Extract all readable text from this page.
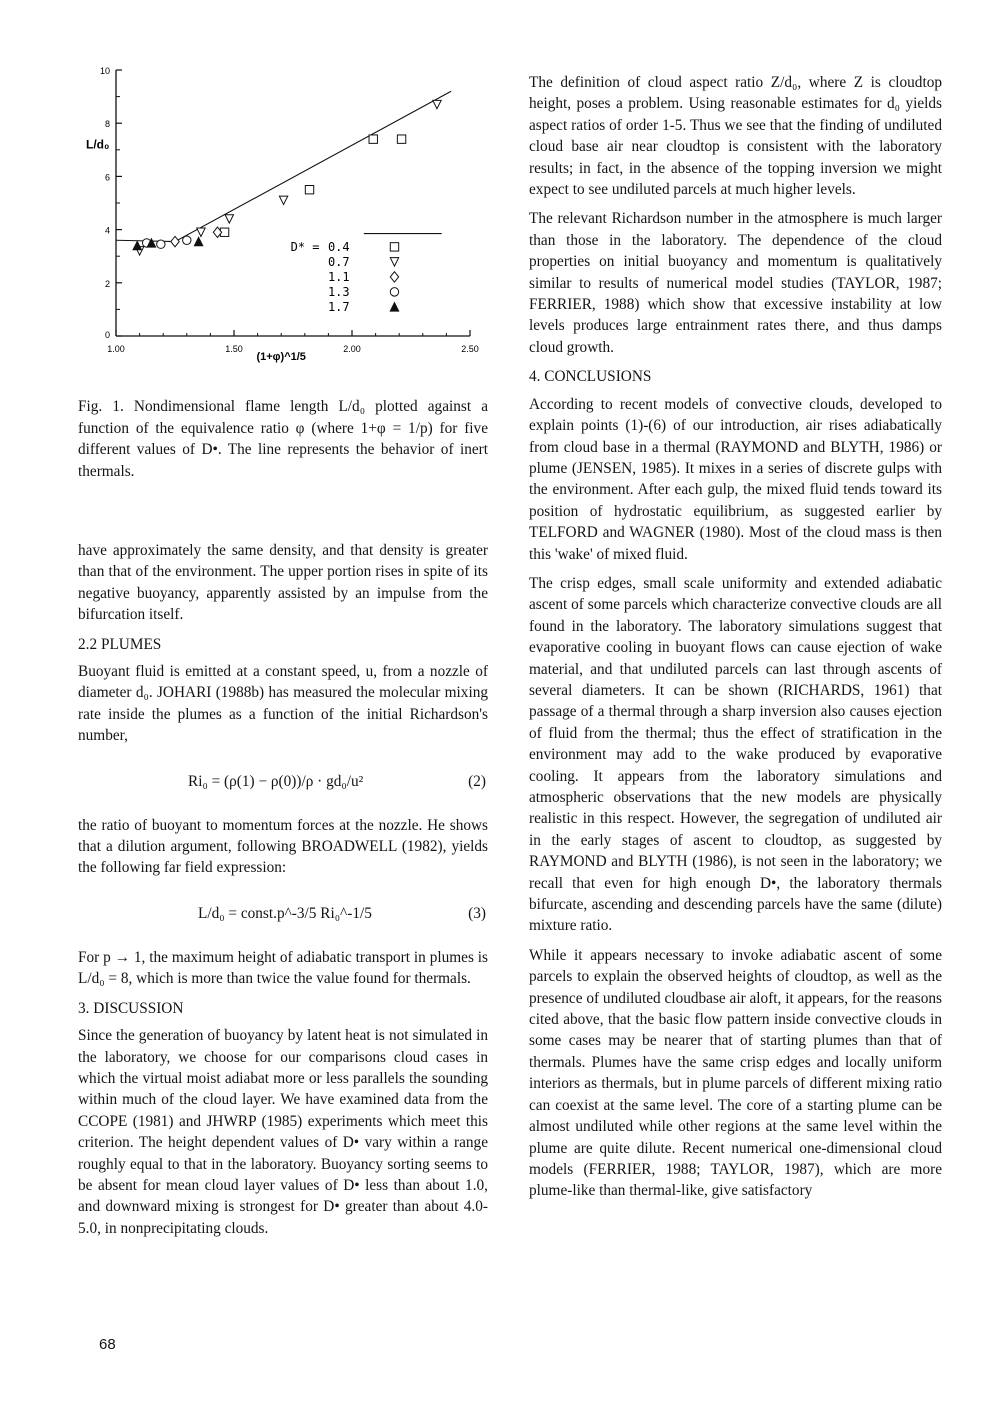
0
2
4
6
8
10
1.00	1.50	2.00	2.50
L/d₀
(1+φ)^1/5
D* = 0.4
0.7
1.1
1.3
1.7
Fig. 1. Nondimensional flame length L/d₀ plotted against a function of the equivalence ratio φ (where 1+φ = 1/p) for five different values of D•. The line represents the behavior of inert thermals.

have approximately the same density, and that density is greater than that of the environment. The upper portion rises in spite of its negative buoyancy, apparently assisted by an impulse from the bifurcation itself.

2.2 PLUMES

Buoyant fluid is emitted at a constant speed, u, from a nozzle of diameter d₀. JOHARI (1988b) has measured the molecular mixing rate inside the plumes as a function of the initial Richardson's number,

Ri₀ = (ρ(1) − ρ(0))/ρ · gd₀/u²	(2)

the ratio of buoyant to momentum forces at the nozzle. He shows that a dilution argument, following BROADWELL (1982), yields the following far field expression:

L/d₀ = const.p^-3/5 Ri₀^-1/5	(3)

For p → 1, the maximum height of adiabatic transport in plumes is L/d₀ = 8, which is more than twice the value found for thermals.

3. DISCUSSION

Since the generation of buoyancy by latent heat is not simulated in the laboratory, we choose for our comparisons cloud cases in which the virtual moist adiabat more or less parallels the sounding within much of the cloud layer. We have examined data from the CCOPE (1981) and JHWRP (1985) experiments which meet this criterion. The height dependent values of D• vary within a range roughly equal to that in the laboratory. Buoyancy sorting seems to be absent for mean cloud layer values of D• less than about 1.0, and downward mixing is strongest for D• greater than about 4.0-5.0, in nonprecipitating clouds.

The definition of cloud aspect ratio Z/d₀, where Z is cloudtop height, poses a problem. Using reasonable estimates for d₀ yields aspect ratios of order 1-5. Thus we see that the finding of undiluted cloud base air near cloudtop is consistent with the laboratory results; in fact, in the absence of the topping inversion we might expect to see undiluted parcels at much higher levels.

The relevant Richardson number in the atmosphere is much larger than those in the laboratory. The dependence of the cloud properties on initial buoyancy and momentum is qualitatively similar to results of numerical model studies (TAYLOR, 1987; FERRIER, 1988) which show that excessive instability at low levels produces large entrainment rates there, and thus damps cloud growth.

4. CONCLUSIONS

According to recent models of convective clouds, developed to explain points (1)-(6) of our introduction, air rises adiabatically from cloud base in a thermal (RAYMOND and BLYTH, 1986) or plume (JENSEN, 1985). It mixes in a series of discrete gulps with the environment. After each gulp, the mixed fluid tends toward its position of hydrostatic equilibrium, as suggested earlier by TELFORD and WAGNER (1980). Most of the cloud mass is then this 'wake' of mixed fluid.

The crisp edges, small scale uniformity and extended adiabatic ascent of some parcels which characterize convective clouds are all found in the laboratory. The laboratory simulations suggest that evaporative cooling in buoyant flows can cause ejection of wake material, and that undiluted parcels can last through ascents of several diameters. It can be shown (RICHARDS, 1961) that passage of a thermal through a sharp inversion also causes ejection of fluid from the thermal; thus the effect of stratification in the environment may add to the wake produced by evaporative cooling. It appears from the laboratory simulations and atmospheric observations that the new models are physically realistic in this respect. However, the segregation of undiluted air in the early stages of ascent to cloudtop, as suggested by RAYMOND and BLYTH (1986), is not seen in the laboratory; we recall that even for high enough D•, the laboratory thermals bifurcate, ascending and descending parcels have the same (dilute) mixture ratio.

While it appears necessary to invoke adiabatic ascent of some parcels to explain the observed heights of cloudtop, as well as the presence of undiluted cloudbase air aloft, it appears, for the reasons cited above, that the basic flow pattern inside convective clouds in some cases may be nearer that of starting plumes than that of thermals. Plumes have the same crisp edges and locally uniform interiors as thermals, but in plume parcels of different mixing ratio can coexist at the same level. The core of a starting plume can be almost undiluted while other regions at the same level within the plume are quite dilute. Recent numerical one-dimensional cloud models (FERRIER, 1988; TAYLOR, 1987), which are more plume-like than thermal-like, give satisfactory

68
